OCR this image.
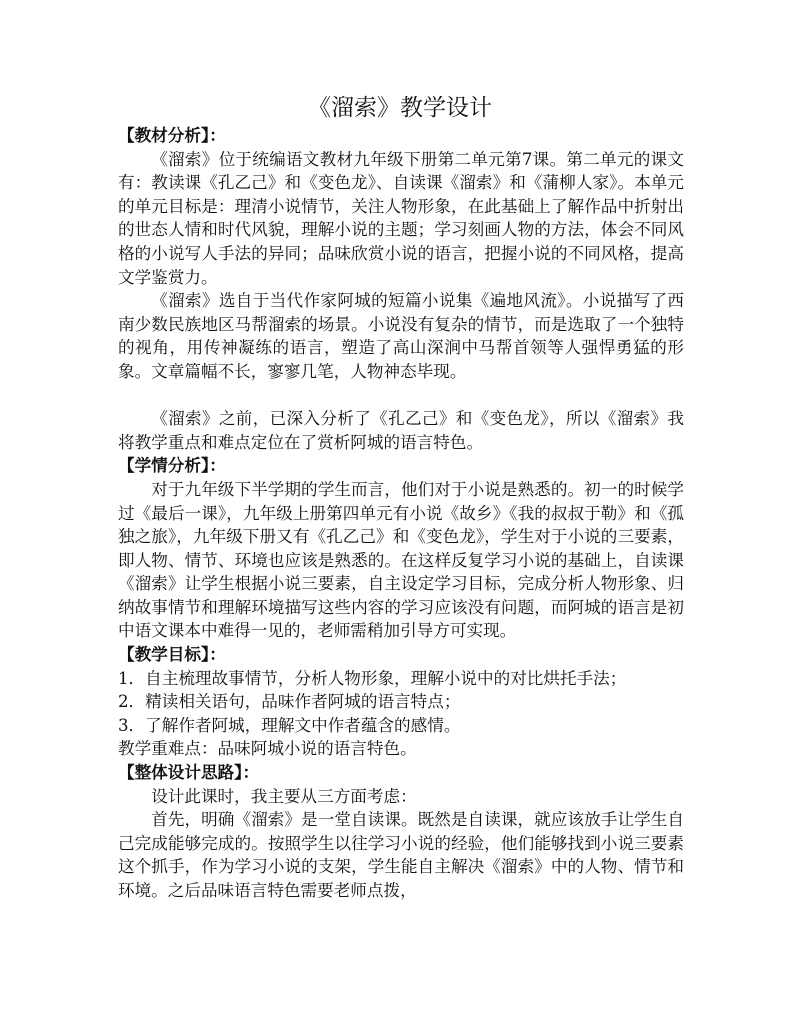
《溜索》教学设计
【教材分析】：

《溜索》位于统编语文教材九年级下册第二单元第7课。第二单元的课文有：教读课《孔乙己》和《变色龙》、自读课《溜索》和《蒲柳人家》。本单元的单元目标是：理清小说情节，关注人物形象，在此基础上了解作品中折射出的世态人情和时代风貌，理解小说的主题；学习刻画人物的方法，体会不同风格的小说写人手法的异同；品味欣赏小说的语言，把握小说的不同风格，提高文学鉴赏力。

《溜索》选自于当代作家阿城的短篇小说集《遍地风流》。小说描写了西南少数民族地区马帮溜索的场景。小说没有复杂的情节，而是选取了一个独特的视角，用传神凝练的语言，塑造了高山深涧中马帮首领等人强悍勇猛的形象。文章篇幅不长，寥寥几笔，人物神态毕现。

《溜索》之前，已深入分析了《孔乙己》和《变色龙》，所以《溜索》我将教学重点和难点定位在了赏析阿城的语言特色。

【学情分析】：

对于九年级下半学期的学生而言，他们对于小说是熟悉的。初一的时候学过《最后一课》，九年级上册第四单元有小说《故乡》《我的叔叔于勒》和《孤独之旅》，九年级下册又有《孔乙己》和《变色龙》，学生对于小说的三要素，即人物、情节、环境也应该是熟悉的。在这样反复学习小说的基础上，自读课《溜索》让学生根据小说三要素，自主设定学习目标，完成分析人物形象、归纳故事情节和理解环境描写这些内容的学习应该没有问题，而阿城的语言是初中语文课本中难得一见的，老师需稍加引导方可实现。

【教学目标】：

1．自主梳理故事情节，分析人物形象，理解小说中的对比烘托手法；

2．精读相关语句，品味作者阿城的语言特点；

3．了解作者阿城，理解文中作者蕴含的感情。

教学重难点：品味阿城小说的语言特色。

【整体设计思路】：

设计此课时，我主要从三方面考虑：

首先，明确《溜索》是一堂自读课。既然是自读课，就应该放手让学生自己完成能够完成的。按照学生以往学习小说的经验，他们能够找到小说三要素这个抓手，作为学习小说的支架，学生能自主解决《溜索》中的人物、情节和环境。之后品味语言特色需要老师点拨，
